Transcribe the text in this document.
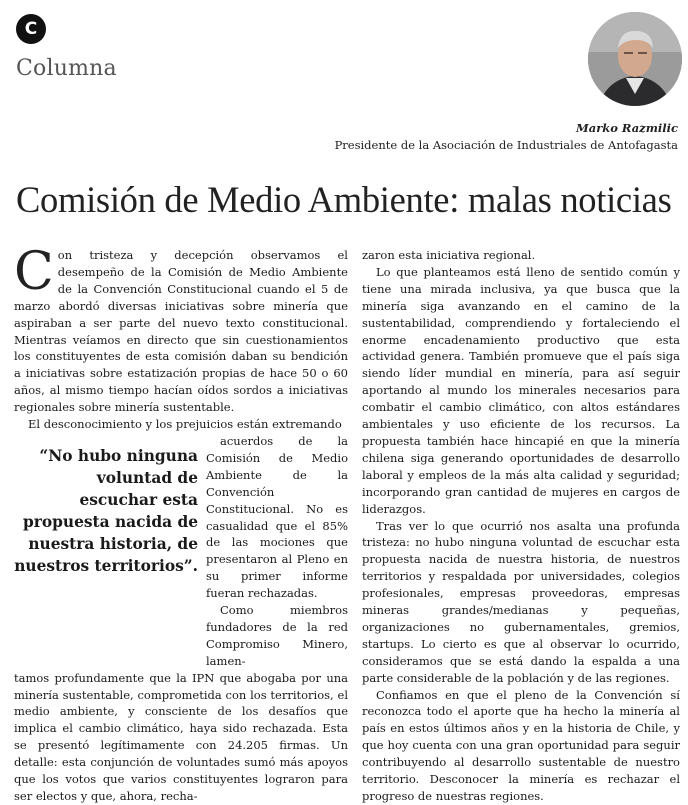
C
Columna
Marko Razmilic
Presidente de la Asociación de Industriales de Antofagasta
Comisión de Medio Ambiente: malas noticias

Con tristeza y decepción observamos el desempeño de la Comisión de Medio Ambiente de la Convención Constitucional cuando el 5 de marzo abordó diversas iniciativas sobre minería que aspiraban a ser parte del nuevo texto constitucional. Mientras veíamos en directo que sin cuestionamientos los constituyentes de esta comisión daban su bendición a iniciativas sobre estatización propias de hace 50 o 60 años, al mismo tiempo hacían oídos sordos a iniciativas regionales sobre minería sustentable.

El desconocimiento y los prejuicios están extremando

“No hubo ninguna voluntad de escuchar esta propuesta nacida de nuestra historia, de nuestros territorios”.

acuerdos de la Comisión de Medio Ambiente de la Convención Constitucional. No es casualidad que el 85% de las mociones que presentaron al Pleno en su primer informe fueran rechazadas.

Como miembros fundadores de la red Compromiso Minero, lamen-

tamos profundamente que la IPN que abogaba por una minería sustentable, comprometida con los territorios, el medio ambiente, y consciente de los desafíos que implica el cambio climático, haya sido rechazada. Esta se presentó legítimamente con 24.205 firmas. Un detalle: esta conjunción de voluntades sumó más apoyos que los votos que varios constituyentes lograron para ser electos y que, ahora, recha-

zaron esta iniciativa regional.

Lo que planteamos está lleno de sentido común y tiene una mirada inclusiva, ya que busca que la minería siga avanzando en el camino de la sustentabilidad, comprendiendo y fortaleciendo el enorme encadenamiento productivo que esta actividad genera. También promueve que el país siga siendo líder mundial en minería, para así seguir aportando al mundo los minerales necesarios para combatir el cambio climático, con altos estándares ambientales y uso eficiente de los recursos. La propuesta también hace hincapié en que la minería chilena siga generando oportunidades de desarrollo laboral y empleos de la más alta calidad y seguridad; incorporando gran cantidad de mujeres en cargos de liderazgos.

Tras ver lo que ocurrió nos asalta una profunda tristeza: no hubo ninguna voluntad de escuchar esta propuesta nacida de nuestra historia, de nuestros territorios y respaldada por universidades, colegios profesionales, empresas proveedoras, empresas mineras grandes/medianas y pequeñas, organizaciones no gubernamentales, gremios, startups. Lo cierto es que al observar lo ocurrido, consideramos que se está dando la espalda a una parte considerable de la población y de las regiones.

Confiamos en que el pleno de la Convención sí reconozca todo el aporte que ha hecho la minería al país en estos últimos años y en la historia de Chile, y que hoy cuenta con una gran oportunidad para seguir contribuyendo al desarrollo sustentable de nuestro territorio. Desconocer la minería es rechazar el progreso de nuestras regiones.
